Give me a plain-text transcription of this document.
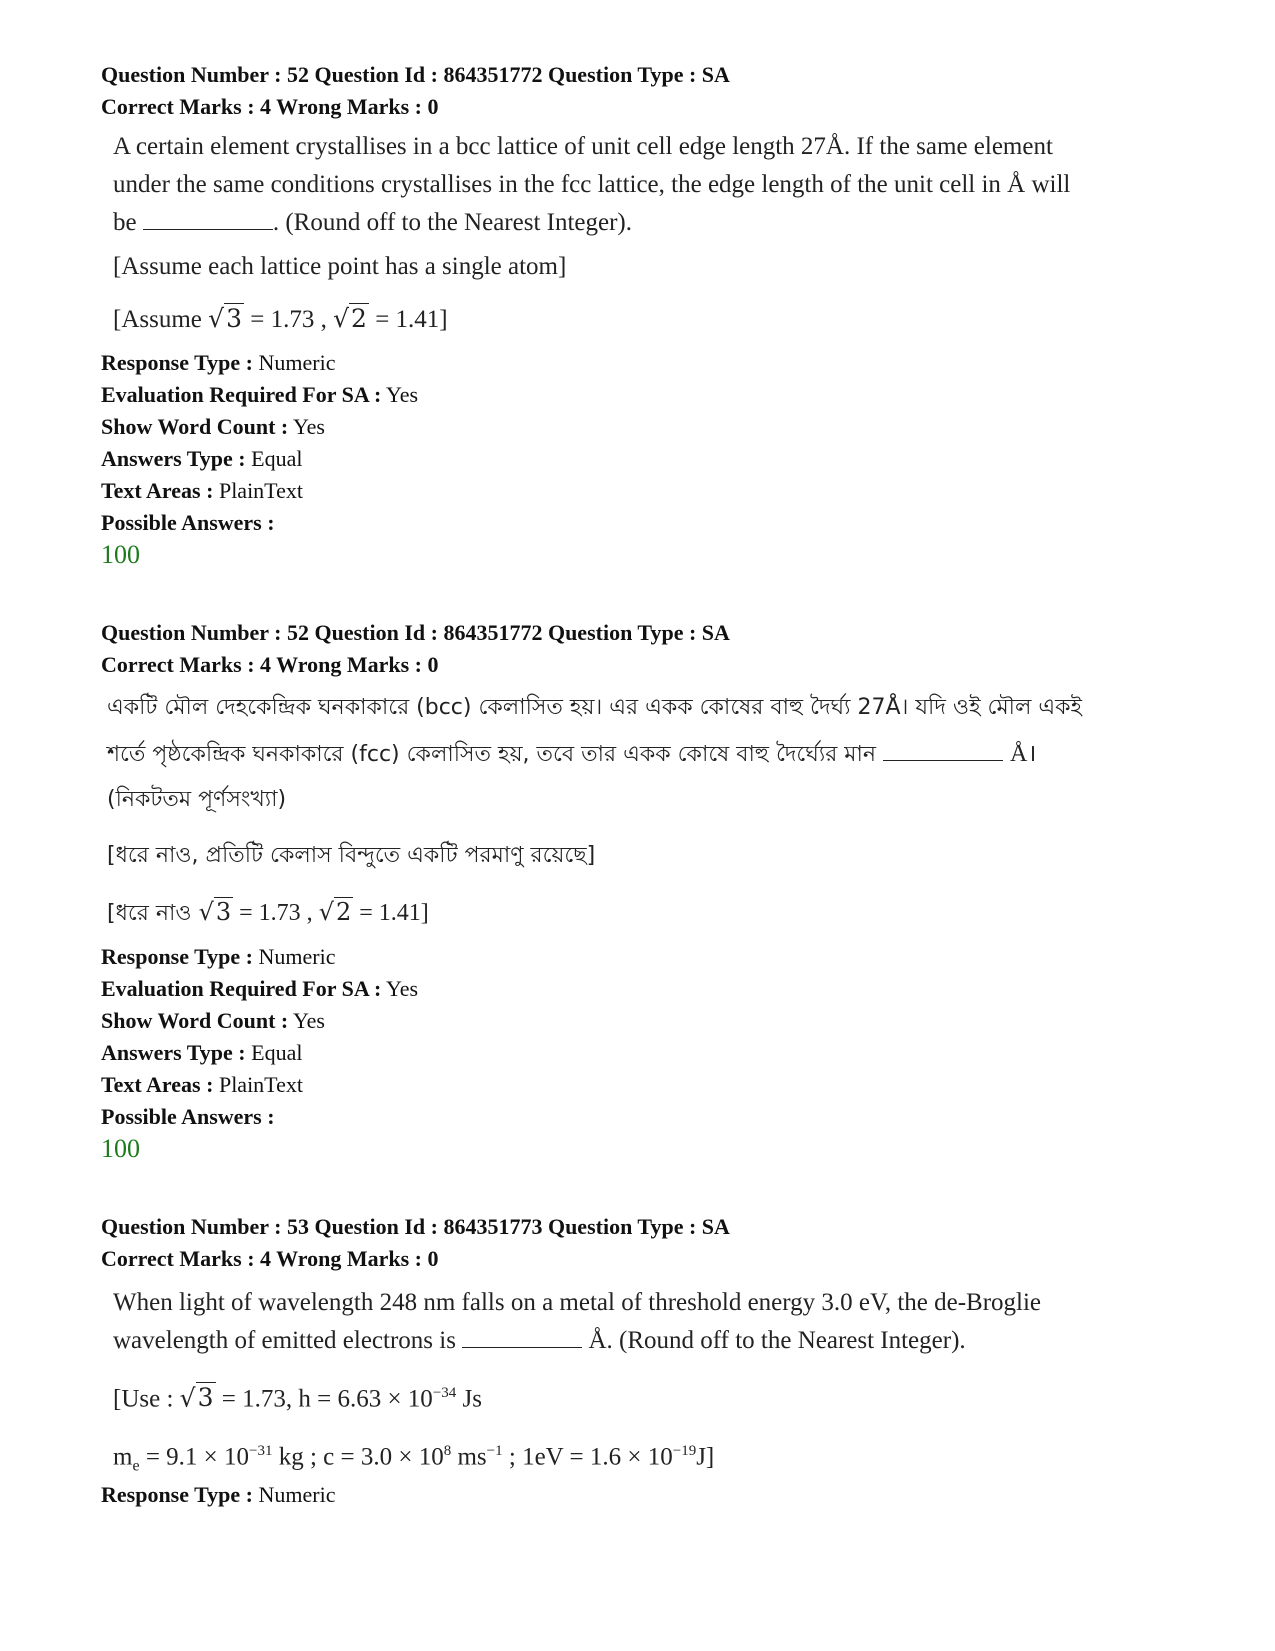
Question Number : 52 Question Id : 864351772 Question Type : SA
Correct Marks : 4 Wrong Marks : 0
A certain element crystallises in a bcc lattice of unit cell edge length 27Å. If the same element
under the same conditions crystallises in the fcc lattice, the edge length of the unit cell in Å will
be	. (Round off to the Nearest Integer).
[Assume each lattice point has a single atom]
[Assume √3 = 1.73 , √2 = 1.41]
Response Type : Numeric
Evaluation Required For SA : Yes
Show Word Count : Yes
Answers Type : Equal
Text Areas : PlainText
Possible Answers :
100
Question Number : 52 Question Id : 864351772 Question Type : SA
Correct Marks : 4 Wrong Marks : 0
একটি মৌল দেহকেন্দ্রিক ঘনকাকারে (bcc) কেলাসিত হয়। এর একক কোষের বাহু দৈর্ঘ্য 27Å। যদি ওই মৌল একই
শর্তে পৃষ্ঠকেন্দ্রিক ঘনকাকারে (fcc) কেলাসিত হয়, তবে তার একক কোষে বাহু দৈর্ঘ্যের মান	Å।
(নিকটতম পূর্ণসংখ্যা)
[ধরে নাও, প্রতিটি কেলাস বিন্দুতে একটি পরমাণু রয়েছে]
[ধরে নাও √3 = 1.73 , √2 = 1.41]
Response Type : Numeric
Evaluation Required For SA : Yes
Show Word Count : Yes
Answers Type : Equal
Text Areas : PlainText
Possible Answers :
100
Question Number : 53 Question Id : 864351773 Question Type : SA
Correct Marks : 4 Wrong Marks : 0
When light of wavelength 248 nm falls on a metal of threshold energy 3.0 eV, the de-Broglie
wavelength of emitted electrons is	Å. (Round off to the Nearest Integer).
[Use : √3 = 1.73, $h = 6.63 \times 10^{-34}$ Js
$m_e = 9.1 \times 10^{-31}$ kg ; $c = 3.0 \times 10^8$ $ms^{-1}$ ; $1eV = 1.6 \times 10^{-19}J$]
Response Type : Numeric
